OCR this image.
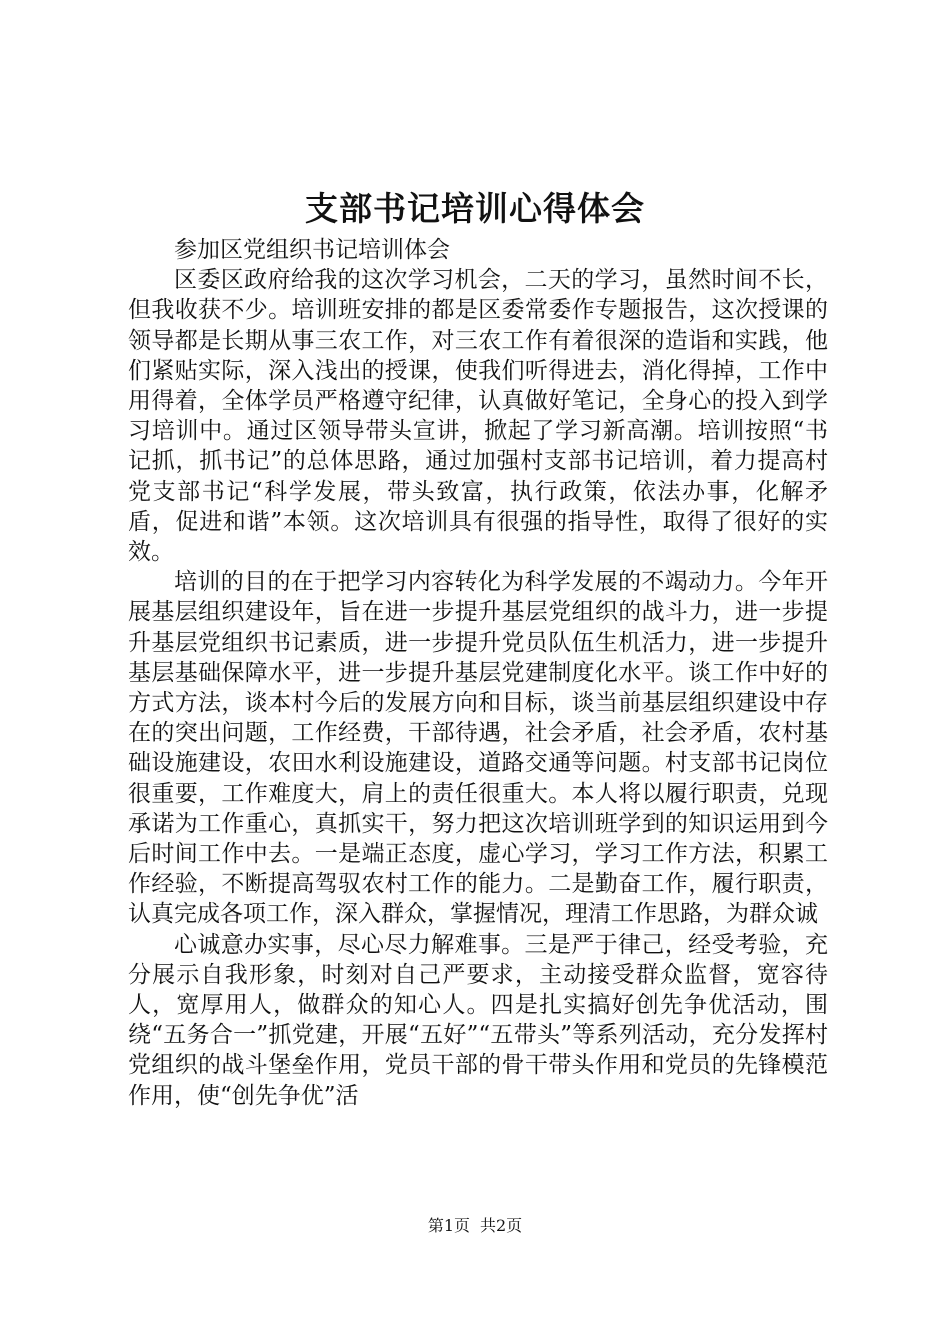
支部书记培训心得体会

参加区党组织书记培训体会

区委区政府给我的这次学习机会，二天的学习，虽然时间不长，但我收获不少。培训班安排的都是区委常委作专题报告，这次授课的领导都是长期从事三农工作，对三农工作有着很深的造诣和实践，他们紧贴实际，深入浅出的授课，使我们听得进去，消化得掉，工作中用得着，全体学员严格遵守纪律，认真做好笔记，全身心的投入到学习培训中。通过区领导带头宣讲，掀起了学习新高潮。培训按照“书记抓，抓书记”的总体思路，通过加强村支部书记培训，着力提高村党支部书记“科学发展，带头致富，执行政策，依法办事，化解矛盾，促进和谐”本领。这次培训具有很强的指导性，取得了很好的实效。

培训的目的在于把学习内容转化为科学发展的不竭动力。今年开展基层组织建设年，旨在进一步提升基层党组织的战斗力，进一步提升基层党组织书记素质，进一步提升党员队伍生机活力，进一步提升基层基础保障水平，进一步提升基层党建制度化水平。谈工作中好的方式方法，谈本村今后的发展方向和目标，谈当前基层组织建设中存在的突出问题，工作经费，干部待遇，社会矛盾，社会矛盾，农村基础设施建设，农田水利设施建设，道路交通等问题。村支部书记岗位很重要，工作难度大，肩上的责任很重大。本人将以履行职责，兑现承诺为工作重心，真抓实干，努力把这次培训班学到的知识运用到今后时间工作中去。一是端正态度，虚心学习，学习工作方法，积累工作经验，不断提高驾驭农村工作的能力。二是勤奋工作，履行职责，认真完成各项工作，深入群众，掌握情况，理清工作思路，为群众诚

心诚意办实事，尽心尽力解难事。三是严于律己，经受考验，充分展示自我形象，时刻对自己严要求，主动接受群众监督，宽容待人，宽厚用人，做群众的知心人。四是扎实搞好创先争优活动，围绕“五务合一”抓党建，开展“五好”“五带头”等系列活动，充分发挥村党组织的战斗堡垒作用，党员干部的骨干带头作用和党员的先锋模范作用，使“创先争优”活

第1页 共2页
